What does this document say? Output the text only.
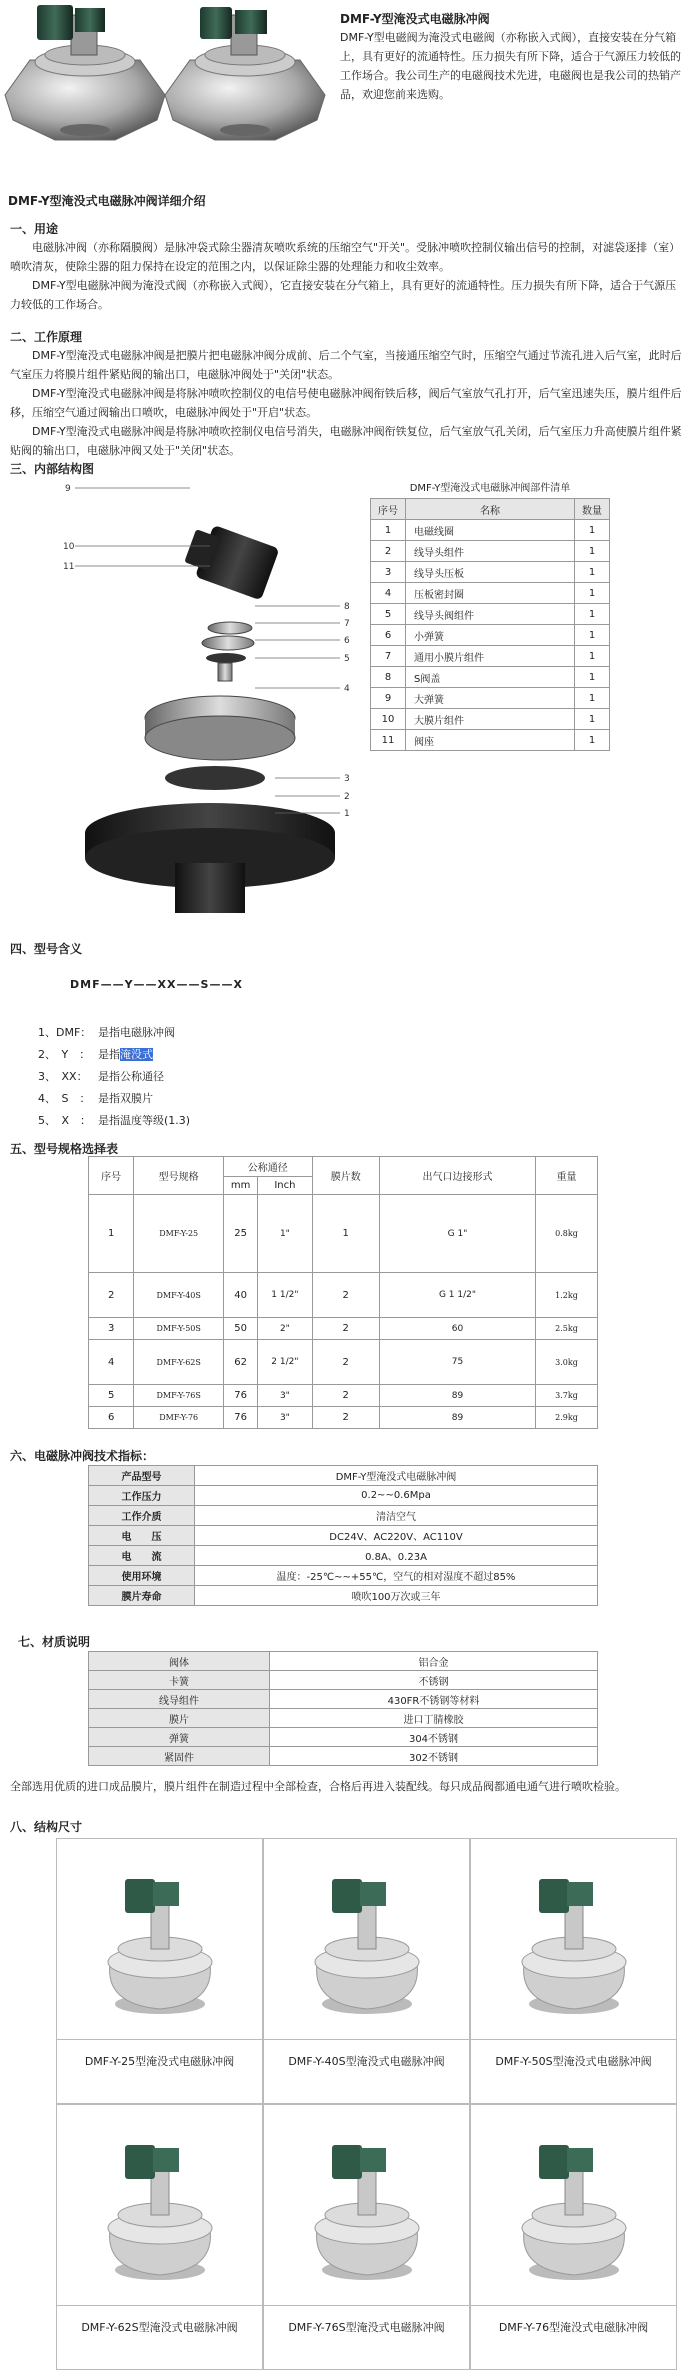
DMF-Y型淹没式电磁脉冲阀

DMF-Y型电磁阀为淹没式电磁阀（亦称嵌入式阀），直接安装在分气箱上，具有更好的流通特性。压力损失有所下降，适合于气源压力较低的工作场合。我公司生产的电磁阀技术先进，电磁阀也是我公司的热销产品，欢迎您前来选购。

DMF-Y型淹没式电磁脉冲阀详细介绍
一、用途

电磁脉冲阀（亦称隔膜阀）是脉冲袋式除尘器清灰喷吹系统的压缩空气"开关"。受脉冲喷吹控制仪输出信号的控制，对滤袋逐排（室）喷吹清灰，使除尘器的阻力保持在设定的范围之内，以保证除尘器的处理能力和收尘效率。

DMF-Y型电磁脉冲阀为淹没式阀（亦称嵌入式阀），它直接安装在分气箱上，具有更好的流通特性。压力损失有所下降，适合于气源压力较低的工作场合。

二、工作原理

DMF-Y型淹没式电磁脉冲阀是把膜片把电磁脉冲阀分成前、后二个气室，当接通压缩空气时，压缩空气通过节流孔进入后气室，此时后气室压力将膜片组件紧贴阀的输出口，电磁脉冲阀处于"关闭"状态。

DMF-Y型淹没式电磁脉冲阀是将脉冲喷吹控制仪的电信号使电磁脉冲阀衔铁后移，阀后气室放气孔打开，后气室迅速失压，膜片组件后移，压缩空气通过阀输出口喷吹，电磁脉冲阀处于"开启"状态。

DMF-Y型淹没式电磁脉冲阀是将脉冲喷吹控制仪电信号消失，电磁脉冲阀衔铁复位，后气室放气孔关闭，后气室压力升高使膜片组件紧贴阀的输出口，电磁脉冲阀又处于"关闭"状态。

三、内部结构图
9
10
11
8
7
6
5
4
3
2
1
DMF-Y型淹没式电磁脉冲阀部件清单
序号	名称	数量
1	电磁线圈	1
2	线导头组件	1
3	线导头压板	1
4	压板密封圈	1
5	线导头阀组件	1
6	小弹簧	1
7	通用小膜片组件	1
8	S阀盖	1
9	大弹簧	1
10	大膜片组件	1
11	阀座	1
四、型号含义
DMF——Y——XX——S——X
1、DMF： 是指电磁脉冲阀
2、　Y　： 是指淹没式
3、　XX： 是指公称通径
4、　S　： 是指双膜片
5、　X　： 是指温度等级(1.3)
五、型号规格选择表
序号	型号规格	公称通径		膜片数	出气口边接形式	重量
		mm	Inch			
1	DMF-Y-25	25	1"	1	G 1"	0.8kg
2	DMF-Y-40S	40	1 1/2"	2	G 1 1/2"	1.2kg
3	DMF-Y-50S	50	2"	2	60	2.5kg
4	DMF-Y-62S	62	2 1/2"	2	75	3.0kg
5	DMF-Y-76S	76	3"	2	89	3.7kg
6	DMF-Y-76	76	3"	2	89	2.9kg
六、电磁脉冲阀技术指标：
产品型号	DMF-Y型淹没式电磁脉冲阀
工作压力	0.2~~0.6Mpa
工作介质	清洁空气
电　　压	DC24V、AC220V、AC110V
电　　流	0.8A、0.23A
使用环境	温度：-25℃~~+55℃，空气的相对湿度不超过85%
膜片寿命	喷吹100万次或三年
七、材质说明
阀体	铝合金
卡簧	不锈钢
线导组件	430FR不锈钢等材料
膜片	进口丁腈橡胶
弹簧	304不锈钢
紧固件	302不锈钢
全部选用优质的进口成品膜片，膜片组件在制造过程中全部检查，合格后再进入装配线。每只成品阀都通电通气进行喷吹检验。
八、结构尺寸
DMF-Y-25型淹没式电磁脉冲阀	DMF-Y-40S型淹没式电磁脉冲阀	DMF-Y-50S型淹没式电磁脉冲阀
DMF-Y-62S型淹没式电磁脉冲阀	DMF-Y-76S型淹没式电磁脉冲阀	DMF-Y-76型淹没式电磁脉冲阀
